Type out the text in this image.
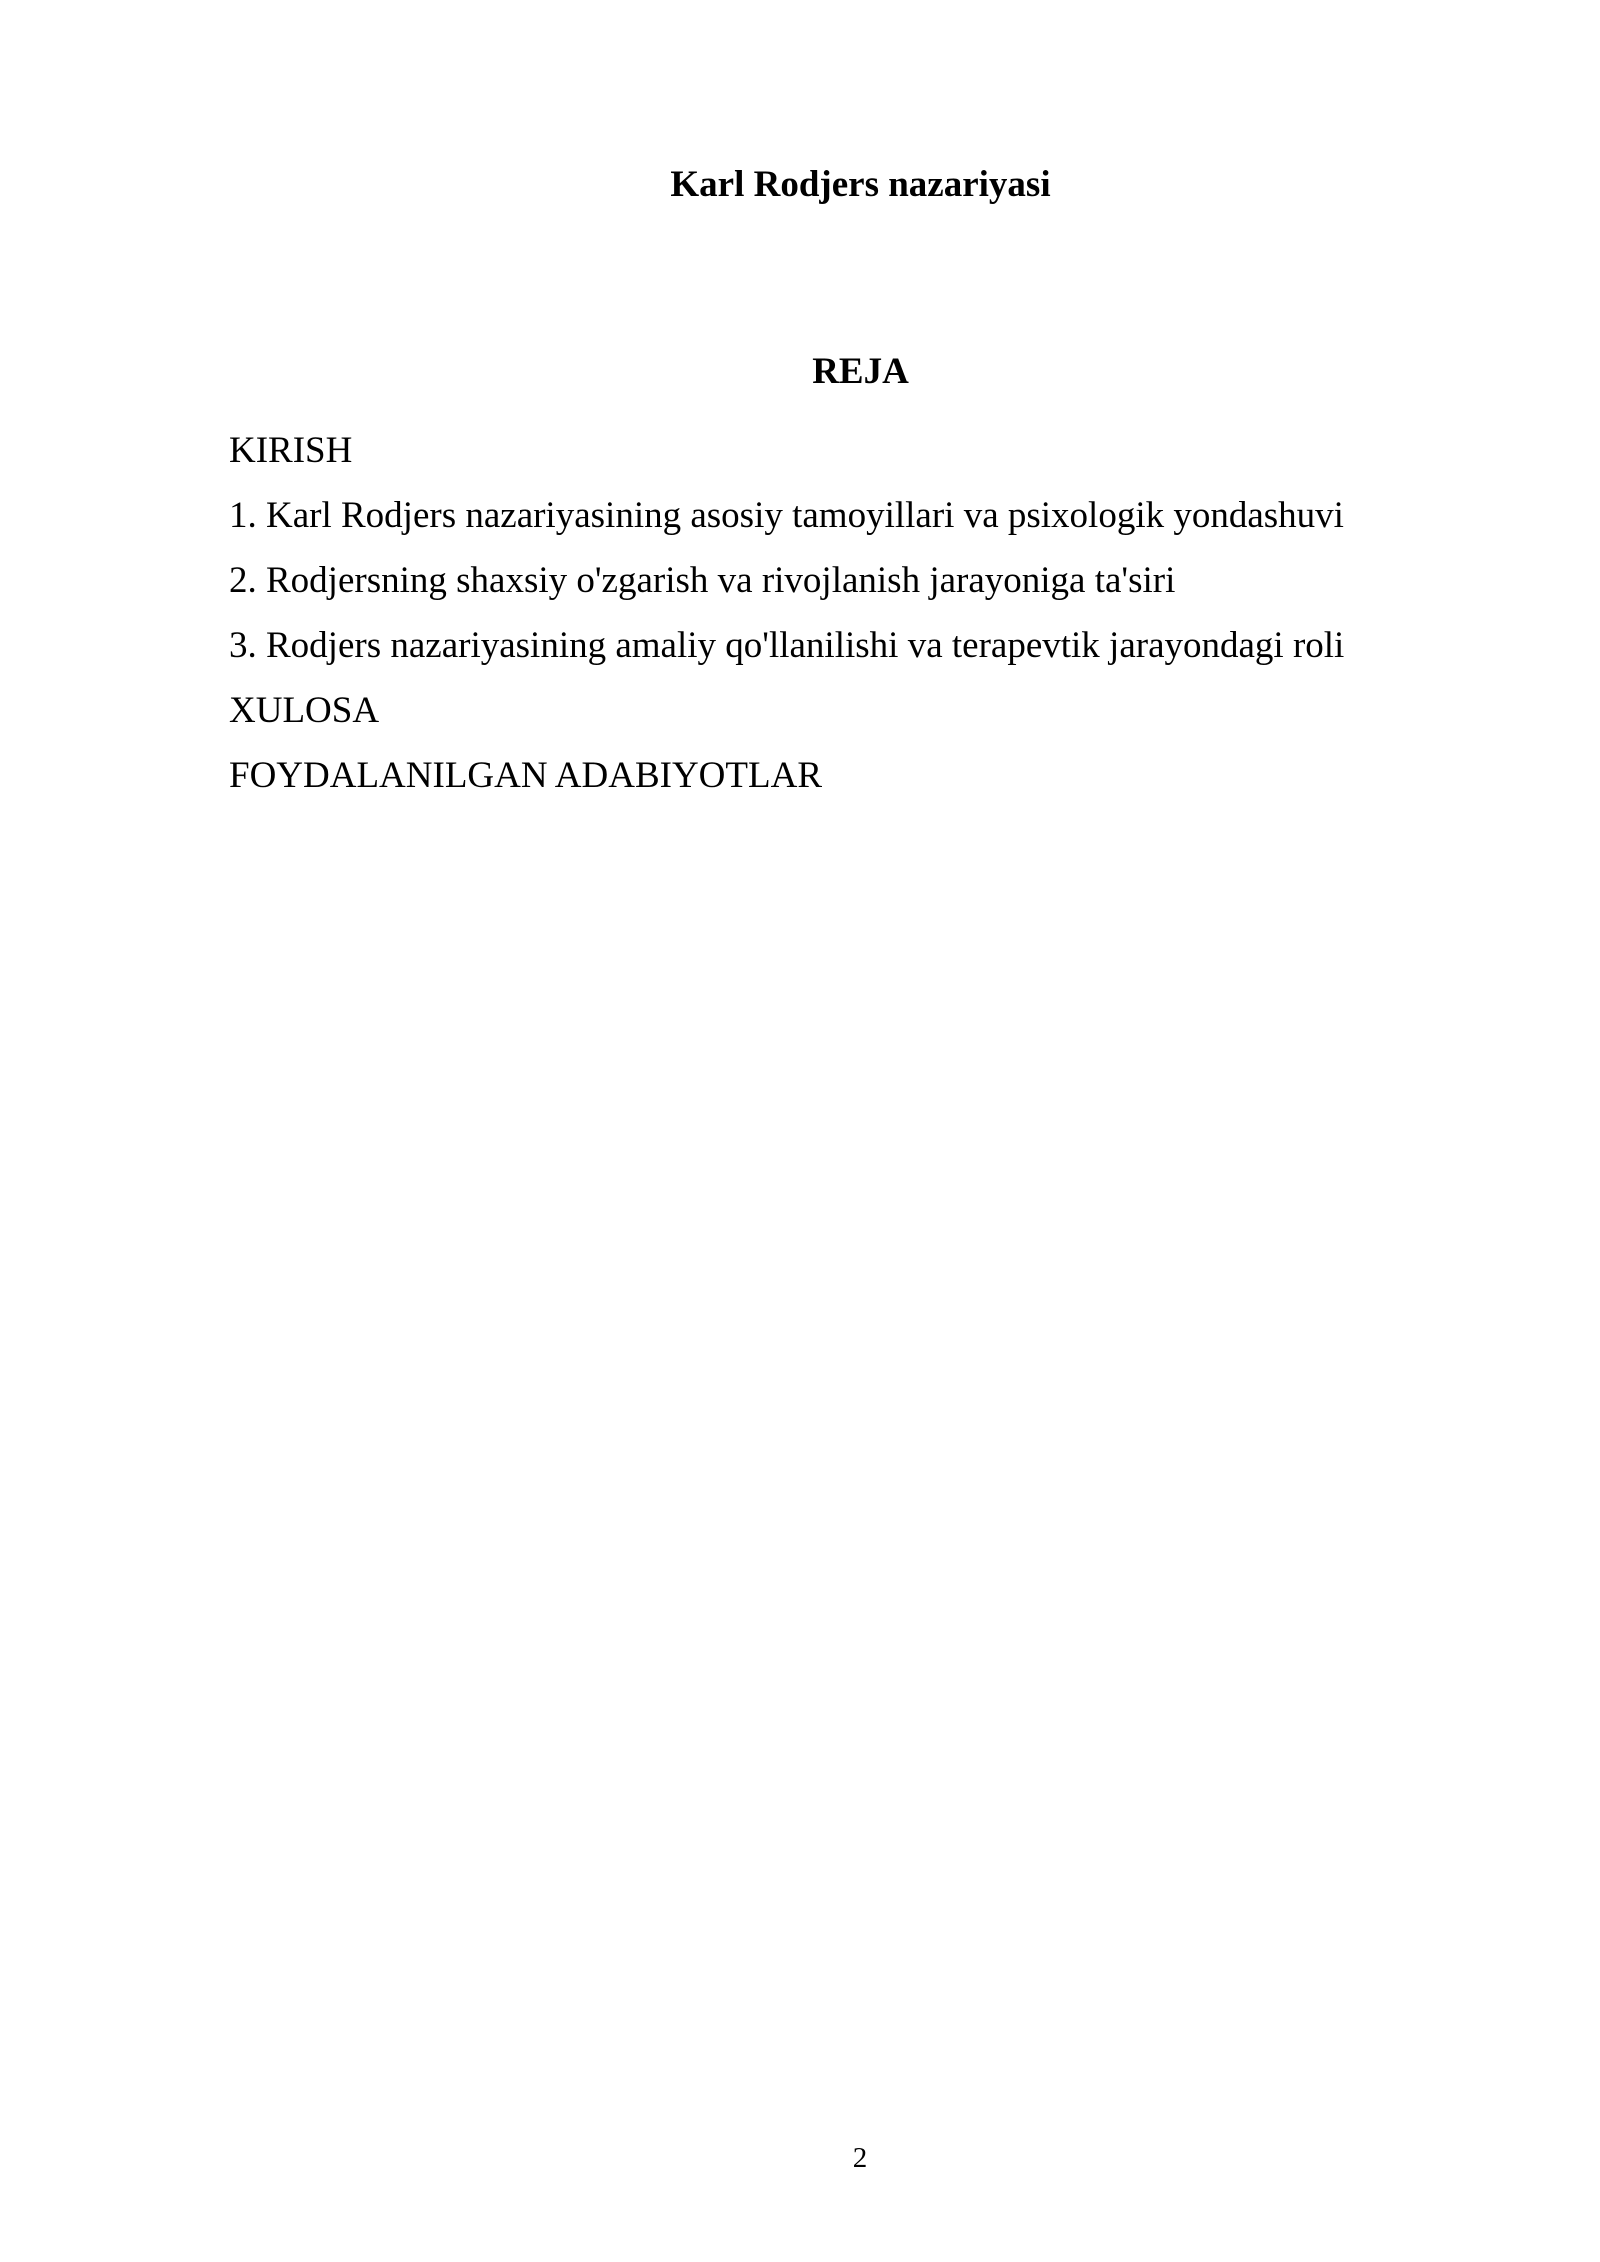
Karl Rodjers nazariyasi
REJA
KIRISH
1. Karl Rodjers nazariyasining asosiy tamoyillari va psixologik yondashuvi
2. Rodjersning shaxsiy o'zgarish va rivojlanish jarayoniga ta'siri
3. Rodjers nazariyasining amaliy qo'llanilishi va terapevtik jarayondagi roli
XULOSA
FOYDALANILGAN ADABIYOTLAR
2
